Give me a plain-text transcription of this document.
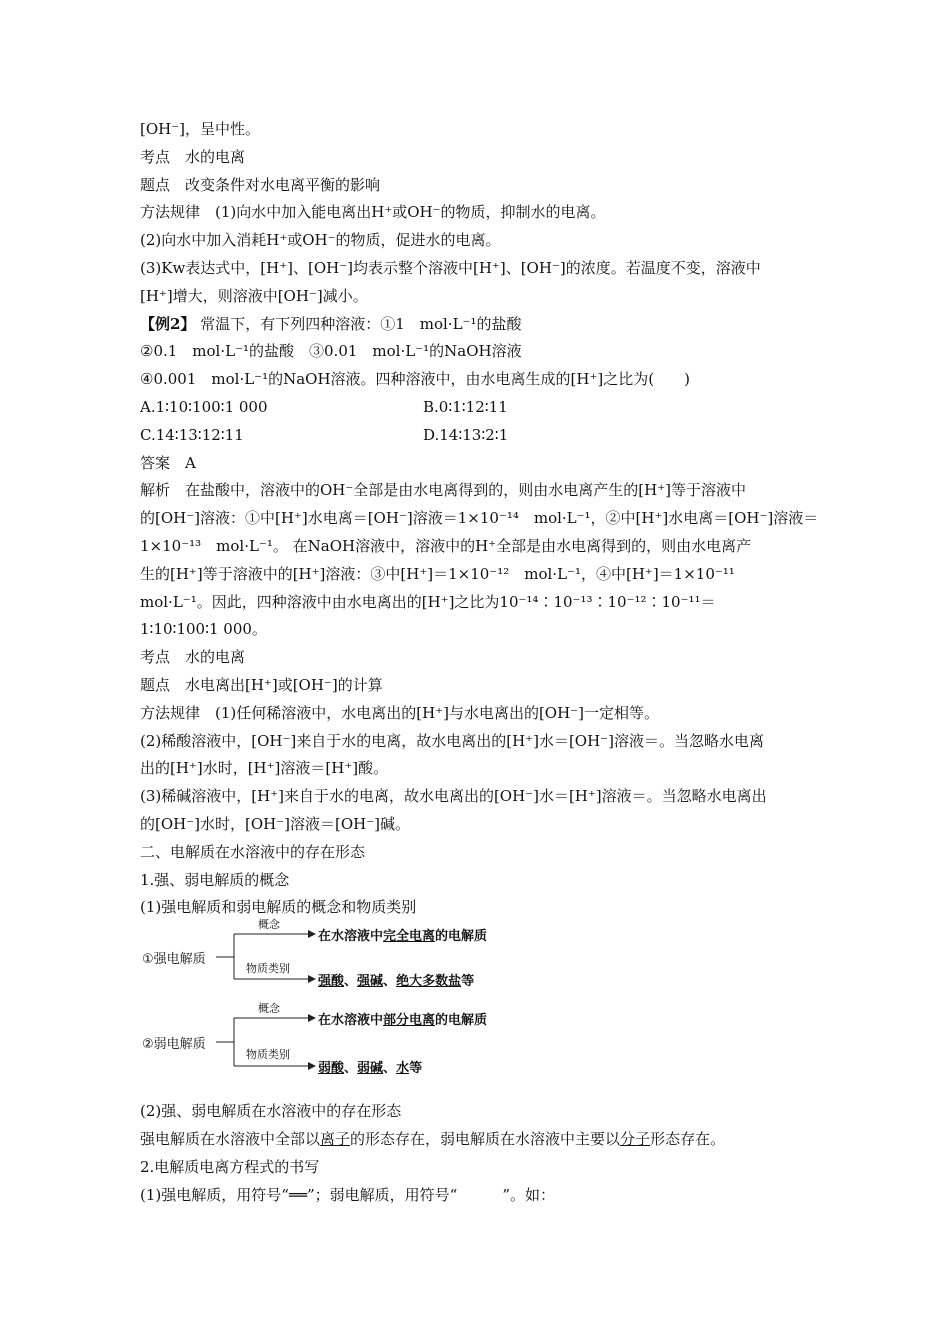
[OH⁻]，呈中性。
考点　水的电离
题点　改变条件对水电离平衡的影响
方法规律　(1)向水中加入能电离出H⁺或OH⁻的物质，抑制水的电离。
(2)向水中加入消耗H⁺或OH⁻的物质，促进水的电离。
(3)Kw表达式中，[H⁺]、[OH⁻]均表示整个溶液中[H⁺]、[OH⁻]的浓度。若温度不变，溶液中
[H⁺]增大，则溶液中[OH⁻]减小。
【例2】 常温下，有下列四种溶液：①1　mol·L⁻¹的盐酸
②0.1　mol·L⁻¹的盐酸　③0.01　mol·L⁻¹的NaOH溶液
④0.001　mol·L⁻¹的NaOH溶液。四种溶液中，由水电离生成的[H⁺]之比为(　　)
A.1∶10∶100∶1 000	B.0∶1∶12∶11
C.14∶13∶12∶11	D.14∶13∶2∶1
答案　A
解析　在盐酸中，溶液中的OH⁻全部是由水电离得到的，则由水电离产生的[H⁺]等于溶液中
的[OH⁻]溶液：①中[H⁺]水电离＝[OH⁻]溶液＝1×10⁻¹⁴　mol·L⁻¹，②中[H⁺]水电离＝[OH⁻]溶液＝
1×10⁻¹³　mol·L⁻¹。 在NaOH溶液中，溶液中的H⁺全部是由水电离得到的，则由水电离产
生的[H⁺]等于溶液中的[H⁺]溶液：③中[H⁺]＝1×10⁻¹²　mol·L⁻¹，④中[H⁺]＝1×10⁻¹¹
mol·L⁻¹。因此，四种溶液中由水电离出的[H⁺]之比为10⁻¹⁴∶10⁻¹³∶10⁻¹²∶10⁻¹¹＝
1∶10∶100∶1 000。
考点　水的电离
题点　水电离出[H⁺]或[OH⁻]的计算
方法规律　(1)任何稀溶液中，水电离出的[H⁺]与水电离出的[OH⁻]一定相等。
(2)稀酸溶液中，[OH⁻]来自于水的电离，故水电离出的[H⁺]水＝[OH⁻]溶液＝。当忽略水电离
出的[H⁺]水时，[H⁺]溶液＝[H⁺]酸。
(3)稀碱溶液中，[H⁺]来自于水的电离，故水电离出的[OH⁻]水＝[H⁺]溶液＝。当忽略水电离出
的[OH⁻]水时，[OH⁻]溶液＝[OH⁻]碱。
二、电解质在水溶液中的存在形态
1.强、弱电解质的概念
(1)强电解质和弱电解质的概念和物质类别
①强电解质
概念
物质类别
在水溶液中完全电离的电解质
强酸、强碱、绝大多数盐等
②弱电解质
概念
物质类别
在水溶液中部分电离的电解质
弱酸、弱碱、水等
(2)强、弱电解质在水溶液中的存在形态
强电解质在水溶液中全部以离子的形态存在，弱电解质在水溶液中主要以分子形态存在。
2.电解质电离方程式的书写
(1)强电解质，用符号“══”；弱电解质，用符号“　　　”。如：
